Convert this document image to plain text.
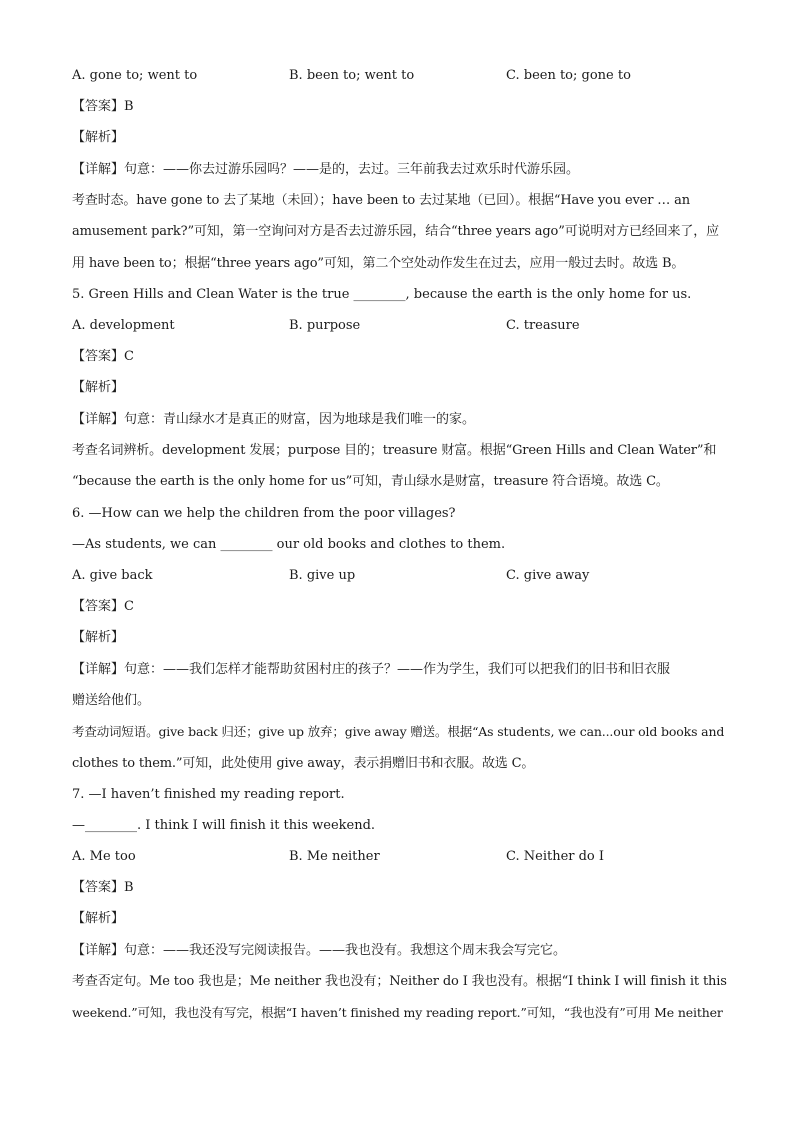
A. gone to; went to	B. been to; went to	C. been to; gone to
【答案】B
【解析】
【详解】句意：——你去过游乐园吗？——是的，去过。三年前我去过欢乐时代游乐园。
考查时态。have gone to 去了某地（未回）；have been to 去过某地（已回）。根据“Have you ever … an
amusement park?”可知，第一空询问对方是否去过游乐园，结合“three years ago”可说明对方已经回来了，应
用 have been to；根据“three years ago”可知，第二个空处动作发生在过去，应用一般过去时。故选 B。
5. Green Hills and Clean Water is the true ________, because the earth is the only home for us.
A. development	B. purpose	C. treasure
【答案】C
【解析】
【详解】句意：青山绿水才是真正的财富，因为地球是我们唯一的家。
考查名词辨析。development 发展；purpose 目的；treasure 财富。根据“Green Hills and Clean Water”和
“because the earth is the only home for us”可知，青山绿水是财富，treasure 符合语境。故选 C。
6. —How can we help the children from the poor villages?
—As students, we can ________ our old books and clothes to them.
A. give back	B. give up	C. give away
【答案】C
【解析】
【详解】句意：——我们怎样才能帮助贫困村庄的孩子？——作为学生，我们可以把我们的旧书和旧衣服
赠送给他们。
考查动词短语。give back 归还；give up 放弃；give away 赠送。根据“As students, we can...our old books and
clothes to them.”可知，此处使用 give away，表示捐赠旧书和衣服。故选 C。
7. —I haven’t finished my reading report.
—________. I think I will finish it this weekend.
A. Me too	B. Me neither	C. Neither do I
【答案】B
【解析】
【详解】句意：——我还没写完阅读报告。——我也没有。我想这个周末我会写完它。
考查否定句。Me too 我也是；Me neither 我也没有；Neither do I 我也没有。根据“I think I will finish it this
weekend.”可知，我也没有写完，根据“I haven’t finished my reading report.”可知，“我也没有”可用 Me neither
